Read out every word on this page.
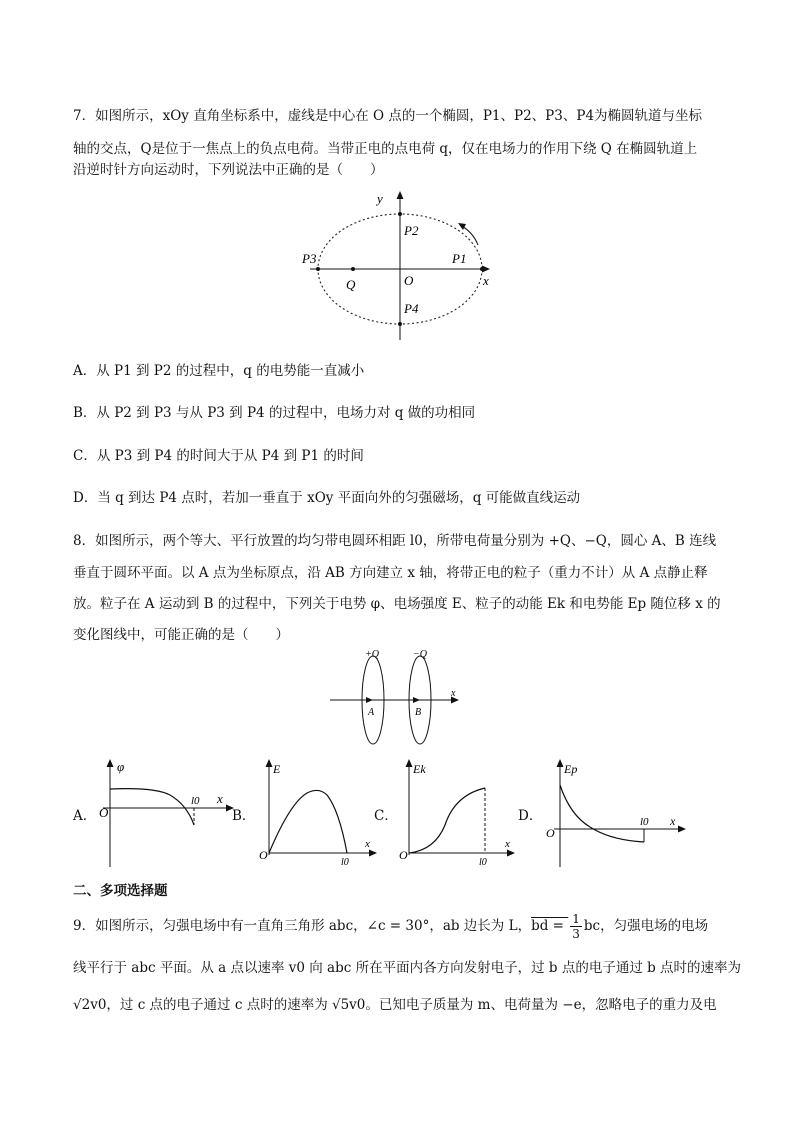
7．如图所示，xOy 直角坐标系中，虚线是中心在 O 点的一个椭圆，P1、P2、P3、P4为椭圆轨道与坐标
轴的交点，Q是位于一焦点上的负点电荷。当带正电的点电荷 q，仅在电场力的作用下绕 Q 在椭圆轨道上
沿逆时针方向运动时，下列说法中正确的是（　　）
y
x
O
Q
P2
P1
P3
P4
A．从 P1 到 P2 的过程中，q 的电势能一直减小
B．从 P2 到 P3 与从 P3 到 P4 的过程中，电场力对 q 做的功相同
C．从 P3 到 P4 的时间大于从 P4 到 P1 的时间
D．当 q 到达 P4 点时，若加一垂直于 xOy 平面向外的匀强磁场，q 可能做直线运动
8．如图所示，两个等大、平行放置的均匀带电圆环相距 l0，所带电荷量分别为 +Q、−Q，圆心 A、B 连线
垂直于圆环平面。以 A 点为坐标原点，沿 AB 方向建立 x 轴，将带正电的粒子（重力不计）从 A 点静止释
放。粒子在 A 运动到 B 的过程中，下列关于电势 φ、电场强度 E、粒子的动能 Ek 和电势能 Ep 随位移 x 的
变化图线中，可能正确的是（　　）
+Q	−Q
A	B
x
A．
φ
O
l0 x
B．
E
O
l0
x
C．
Ek
O
l0
x
D．
Ep
O
l0 x
二、多项选择题
9．如图所示，匀强电场中有一直角三角形 abc，∠c = 30°，ab 边长为 L，bd = $\frac{1}{3}$ bc，匀强电场的电场
线平行于 abc 平面。从 a 点以速率 v0 向 abc 所在平面内各方向发射电子，过 b 点的电子通过 b 点时的速率为
√2v0，过 c 点的电子通过 c 点时的速率为 √5v0。已知电子质量为 m、电荷量为 −e，忽略电子的重力及电
